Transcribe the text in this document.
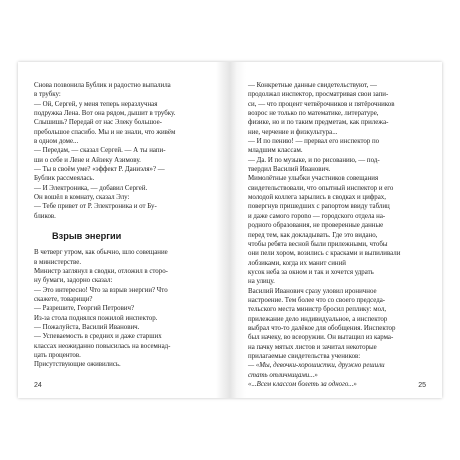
Снова позвонила Бублик и радостно выпалила
в трубку:
— Ой, Сергей, у меня теперь неразлучная
подружка Лена. Вот она рядом, дышит в трубку.
Слышишь? Передай от нас Элеку большое-
пребольшое спасибо. Мы и не знали, что живём
в одном доме...
— Передам, — сказал Сергей. — А ты напи-
ши о себе и Лене и Айзеку Азимову.
— Ты в своём уме? «эффект Р. Даниэля»? —
Бублик рассмеялась.
— И Электроника, — добавил Сергей.
Он вошёл в комнату, сказал Элу:
— Тебе привет от Р. Электроника и от Бу-
бликов.
Взрыв энергии
В четверг утром, как обычно, шло совещание
в министерстве.
Министр заглянул в сводки, отложил в сторо-
ну бумаги, задорно сказал:
— Это интересно! Что за взрыв энергии? Что
скажете, товарищи?
— Разрешите, Георгий Петрович?
Из-за стола поднялся пожилой инспектор.
— Пожалуйста, Василий Иванович.
— Успеваемость в средних и даже старших
классах неожиданно повысилась на восемнад-
цать процентов.
Присутствующие оживились.
24
— Конкретные данные свидетельствуют, —
продолжал инспектор, просматривая свои запи-
си, — что процент четвёрочников и пятёрочников
возрос не только по математике, литературе,
физике, но и по таким предметам, как прилежа-
ние, черчение и физкультура...
— И по пению! — прервал его инспектор по
младшим классам.
— Да. И по музыке, и по рисованию, — под-
твердил Василий Иванович.
Мимолётные улыбки участников совещания
свидетельствовали, что опытный инспектор и его
молодой коллега зарылись в сводках и цифрах,
повергнув пришедших с рапортом ввиду таблиц
и даже самого горono — городского отдела на-
родного образования, не проверенные данные
перед тем, как докладывать. Где это видано,
чтобы ребята весной были прилежными, чтобы
они пели хором, возились с красками и выпиливали
лобзиками, когда их манит синий
кусок неба за окном и так и хочется удрать
на улицу.
Василий Иванович сразу уловил ироничное
настроение. Тем более что со своего председа-
тельского места министр бросил реплику: мол,
прилежание дело индивидуальное, а инспектор
выбрал что-то далёкое для обобщения. Инспектор
был начеку, во всеоружии. Он вытащил из карма-
на пачку мятых листов и зачитал некоторые
прилагаемые свидетельства учеников:
— «Мы, девочки-хорошистки, дружно решили
стать отличницами...»
«...Всем классом болеть за одного...»	25
